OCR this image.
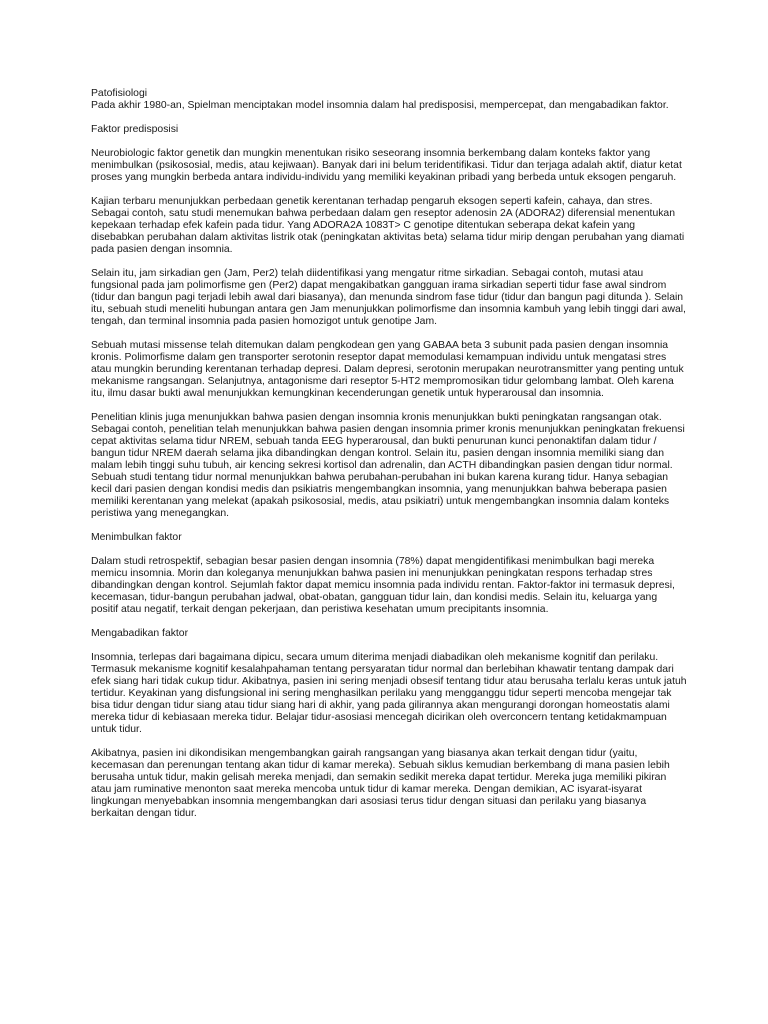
Patofisiologi

Pada akhir 1980-an, Spielman menciptakan model insomnia dalam hal predisposisi, mempercepat, dan mengabadikan faktor.

Faktor predisposisi

Neurobiologic faktor genetik dan mungkin menentukan risiko seseorang insomnia berkembang dalam konteks faktor yang menimbulkan (psikososial, medis, atau kejiwaan). Banyak dari ini belum teridentifikasi. Tidur dan terjaga adalah aktif, diatur ketat proses yang mungkin berbeda antara individu-individu yang memiliki keyakinan pribadi yang berbeda untuk eksogen pengaruh.

Kajian terbaru menunjukkan perbedaan genetik kerentanan terhadap pengaruh eksogen seperti kafein, cahaya, dan stres. Sebagai contoh, satu studi menemukan bahwa perbedaan dalam gen reseptor adenosin 2A (ADORA2) diferensial menentukan kepekaan terhadap efek kafein pada tidur. Yang ADORA2A 1083T> C genotipe ditentukan seberapa dekat kafein yang disebabkan perubahan dalam aktivitas listrik otak (peningkatan aktivitas beta) selama tidur mirip dengan perubahan yang diamati pada pasien dengan insomnia.

Selain itu, jam sirkadian gen (Jam, Per2) telah diidentifikasi yang mengatur ritme sirkadian. Sebagai contoh, mutasi atau fungsional pada jam polimorfisme gen (Per2) dapat mengakibatkan gangguan irama sirkadian seperti tidur fase awal sindrom (tidur dan bangun pagi terjadi lebih awal dari biasanya), dan menunda sindrom fase tidur (tidur dan bangun pagi ditunda ). Selain itu, sebuah studi meneliti hubungan antara gen Jam menunjukkan polimorfisme dan insomnia kambuh yang lebih tinggi dari awal, tengah, dan terminal insomnia pada pasien homozigot untuk genotipe Jam.

Sebuah mutasi missense telah ditemukan dalam pengkodean gen yang GABAA beta 3 subunit pada pasien dengan insomnia kronis. Polimorfisme dalam gen transporter serotonin reseptor dapat memodulasi kemampuan individu untuk mengatasi stres atau mungkin berunding kerentanan terhadap depresi. Dalam depresi, serotonin merupakan neurotransmitter yang penting untuk mekanisme rangsangan. Selanjutnya, antagonisme dari reseptor 5-HT2 mempromosikan tidur gelombang lambat. Oleh karena itu, ilmu dasar bukti awal menunjukkan kemungkinan kecenderungan genetik untuk hyperarousal dan insomnia.

Penelitian klinis juga menunjukkan bahwa pasien dengan insomnia kronis menunjukkan bukti peningkatan rangsangan otak. Sebagai contoh, penelitian telah menunjukkan bahwa pasien dengan insomnia primer kronis menunjukkan peningkatan frekuensi cepat aktivitas selama tidur NREM, sebuah tanda EEG hyperarousal, dan bukti penurunan kunci penonaktifan dalam tidur / bangun tidur NREM daerah selama jika dibandingkan dengan kontrol. Selain itu, pasien dengan insomnia memiliki siang dan malam lebih tinggi suhu tubuh, air kencing sekresi kortisol dan adrenalin, dan ACTH dibandingkan pasien dengan tidur normal. Sebuah studi tentang tidur normal menunjukkan bahwa perubahan-perubahan ini bukan karena kurang tidur. Hanya sebagian kecil dari pasien dengan kondisi medis dan psikiatris mengembangkan insomnia, yang menunjukkan bahwa beberapa pasien memiliki kerentanan yang melekat (apakah psikososial, medis, atau psikiatri) untuk mengembangkan insomnia dalam konteks peristiwa yang menegangkan.

Menimbulkan faktor

Dalam studi retrospektif, sebagian besar pasien dengan insomnia (78%) dapat mengidentifikasi menimbulkan bagi mereka memicu insomnia. Morin dan koleganya menunjukkan bahwa pasien ini menunjukkan peningkatan respons terhadap stres dibandingkan dengan kontrol. Sejumlah faktor dapat memicu insomnia pada individu rentan. Faktor-faktor ini termasuk depresi, kecemasan, tidur-bangun perubahan jadwal, obat-obatan, gangguan tidur lain, dan kondisi medis. Selain itu, keluarga yang positif atau negatif, terkait dengan pekerjaan, dan peristiwa kesehatan umum precipitants insomnia.

Mengabadikan faktor

Insomnia, terlepas dari bagaimana dipicu, secara umum diterima menjadi diabadikan oleh mekanisme kognitif dan perilaku. Termasuk mekanisme kognitif kesalahpahaman tentang persyaratan tidur normal dan berlebihan khawatir tentang dampak dari efek siang hari tidak cukup tidur. Akibatnya, pasien ini sering menjadi obsesif tentang tidur atau berusaha terlalu keras untuk jatuh tertidur. Keyakinan yang disfungsional ini sering menghasilkan perilaku yang mengganggu tidur seperti mencoba mengejar tak bisa tidur dengan tidur siang atau tidur siang hari di akhir, yang pada gilirannya akan mengurangi dorongan homeostatis alami mereka tidur di kebiasaan mereka tidur. Belajar tidur-asosiasi mencegah dicirikan oleh overconcern tentang ketidakmampuan untuk tidur.

Akibatnya, pasien ini dikondisikan mengembangkan gairah rangsangan yang biasanya akan terkait dengan tidur (yaitu, kecemasan dan perenungan tentang akan tidur di kamar mereka). Sebuah siklus kemudian berkembang di mana pasien lebih berusaha untuk tidur, makin gelisah mereka menjadi, dan semakin sedikit mereka dapat tertidur. Mereka juga memiliki pikiran atau jam ruminative menonton saat mereka mencoba untuk tidur di kamar mereka. Dengan demikian, AC isyarat-isyarat lingkungan menyebabkan insomnia mengembangkan dari asosiasi terus tidur dengan situasi dan perilaku yang biasanya berkaitan dengan tidur.
